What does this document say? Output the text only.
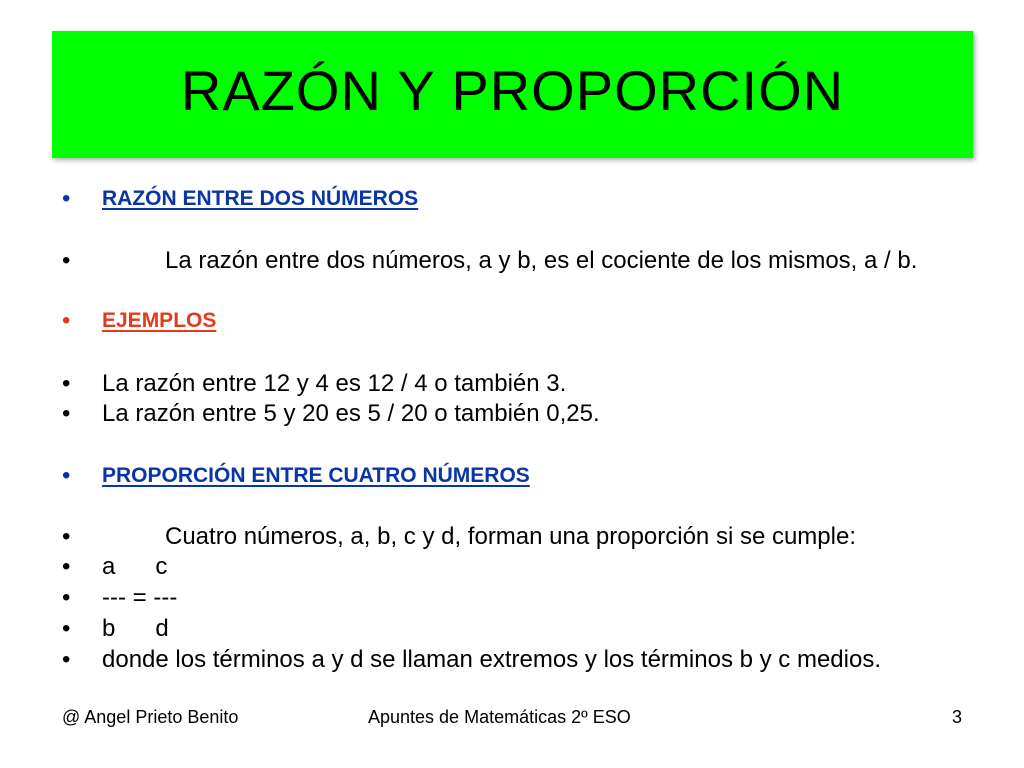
RAZÓN Y PROPORCIÓN
• RAZÓN ENTRE DOS NÚMEROS
•	La razón entre dos números, a y b, es el cociente de los mismos, a / b.
• EJEMPLOS
• La razón entre 12 y 4 es 12 / 4 o también 3.
• La razón entre 5 y 20 es 5 / 20 o también 0,25.
• PROPORCIÓN ENTRE CUATRO NÚMEROS
•	Cuatro números, a, b, c y d, forman una proporción si se cumple:
• a      c
• --- = ---
• b      d
• donde los términos a y d se llaman extremos y los términos b y c medios.
@ Angel Prieto Benito	Apuntes de Matemáticas 2º ESO	3
